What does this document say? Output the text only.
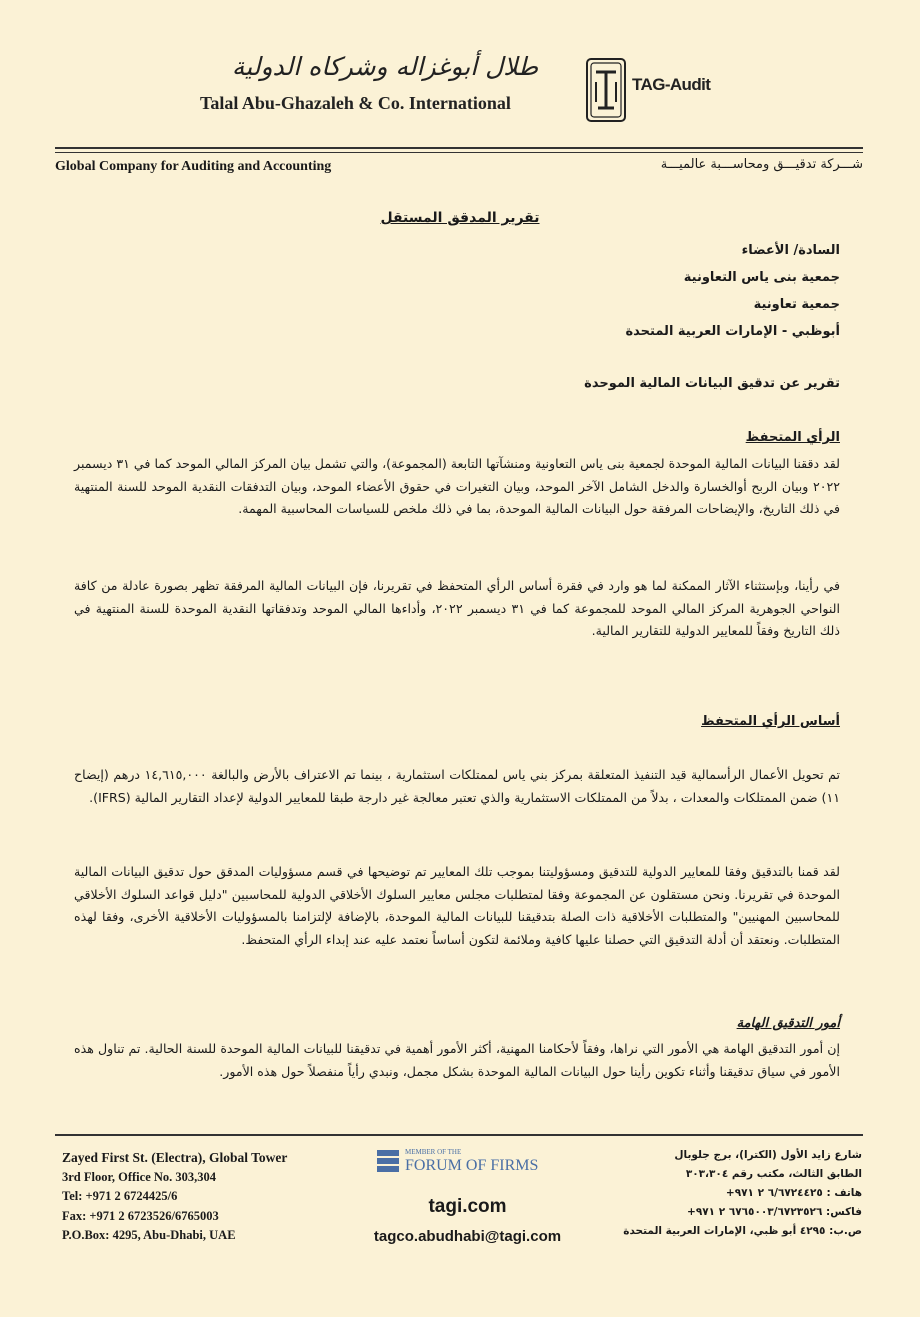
طلال أبوغزاله وشركاه الدولية
Talal Abu-Ghazaleh & Co. International
TAG-Audit
Global Company for Auditing and Accounting	شـــركة تدقيـــق ومحاســـبة عالميـــة
تقرير المدقق المستقل
السادة/ الأعضاء
جمعية بنى ياس التعاونية
جمعية تعاونية
أبوظبي - الإمارات العربية المتحدة
تقرير عن تدقيق البيانات المالية الموحدة
الرأي المتحفظ
لقد دققنا البيانات المالية الموحدة لجمعية بنى ياس التعاونية ومنشآتها التابعة (المجموعة)، والتي تشمل بيان المركز المالي الموحد كما في ٣١ ديسمبر ٢٠٢٢ وبيان الربح أوالخسارة والدخل الشامل الآخر الموحد، وبيان التغيرات في حقوق الأعضاء الموحد، وبيان التدفقات النقدية الموحد للسنة المنتهية في ذلك التاريخ، والإيضاحات المرفقة حول البيانات المالية الموحدة، بما في ذلك ملخص للسياسات المحاسبية المهمة.
في رأينا، وبإستثناء الآثار الممكنة لما هو وارد في فقرة أساس الرأي المتحفظ في تقريرنا، فإن البيانات المالية المرفقة تظهر بصورة عادلة من كافة النواحي الجوهرية المركز المالي الموحد للمجموعة كما في ٣١ ديسمبر ٢٠٢٢، وأداءها المالي الموحد وتدفقاتها النقدية الموحدة للسنة المنتهية في ذلك التاريخ وفقاً للمعايير الدولية للتقارير المالية.
أساس الرأي المتحفظ
تم تحويل الأعمال الرأسمالية قيد التنفيذ المتعلقة بمركز بني ياس لممتلكات استثمارية ، بينما تم الاعتراف بالأرض والبالغة ١٤,٦١٥,٠٠٠ درهم (إيضاح ١١) ضمن الممتلكات والمعدات ، بدلاً من الممتلكات الاستثمارية والذي تعتبر معالجة غير دارجة طبقا للمعايير الدولية لإعداد التقارير المالية (IFRS).
لقد قمنا بالتدقيق وفقا للمعايير الدولية للتدقيق ومسؤوليتنا بموجب تلك المعايير تم توضيحها في قسم مسؤوليات المدقق حول تدقيق البيانات المالية الموحدة في تقريرنا. ونحن مستقلون عن المجموعة وفقا لمتطلبات مجلس معايير السلوك الأخلاقي الدولية للمحاسبين "دليل قواعد السلوك الأخلاقي للمحاسبين المهنيين" والمتطلبات الأخلاقية ذات الصلة بتدقيقنا للبيانات المالية الموحدة، بالإضافة لإلتزامنا بالمسؤوليات الأخلاقية الأخرى، وفقا لهذه المتطلبات. ونعتقد أن أدلة التدقيق التي حصلنا عليها كافية وملائمة لتكون أساساً نعتمد عليه عند إبداء الرأي المتحفظ.
أمور التدقيق الهامة
إن أمور التدقيق الهامة هي الأمور التي نراها، وفقاً لأحكامنا المهنية، أكثر الأمور أهمية في تدقيقنا للبيانات المالية الموحدة للسنة الحالية. تم تناول هذه الأمور في سياق تدقيقنا وأثناء تكوين رأينا حول البيانات المالية الموحدة بشكل مجمل، ونبدي رأياً منفصلاً حول هذه الأمور.
Zayed First St. (Electra), Global Tower
3rd Floor, Office No. 303,304
Tel: +971 2 6724425/6
Fax: +971 2 6723526/6765003
P.O.Box: 4295, Abu-Dhabi, UAE
MEMBER OF THE
FORUM OF FIRMS
tagi.com
tagco.abudhabi@tagi.com
شارع زايد الأول (الكترا)، برج جلوبال
الطابق الثالث، مكتب رقم ٣٠٣،٣٠٤
هاتف : ٦/٦٧٢٤٤٢٥ ٢ ٩٧١+
فاكس: ٦٧٦٥٠٠٣/٦٧٢٣٥٢٦ ٢ ٩٧١+
ص.ب: ٤٢٩٥ أبو ظبي، الإمارات العربية المتحدة
